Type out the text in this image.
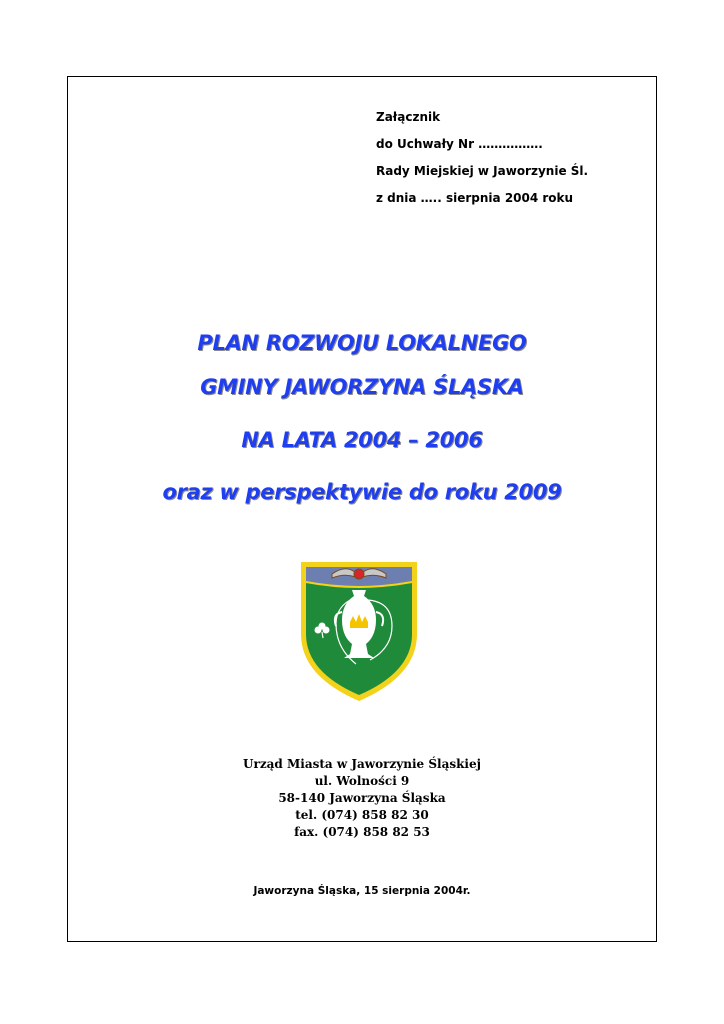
Załącznik
do Uchwały Nr …………….
Rady Miejskiej w Jaworzynie Śl.
z dnia ….. sierpnia 2004 roku
PLAN ROZWOJU LOKALNEGO
GMINY JAWORZYNA ŚLĄSKA
NA LATA 2004 – 2006
oraz w perspektywie do roku 2009
Urząd Miasta w Jaworzynie Śląskiej
ul. Wolności 9
58-140 Jaworzyna Śląska
tel. (074) 858 82 30
fax. (074) 858 82 53
Jaworzyna Śląska, 15 sierpnia 2004r.
